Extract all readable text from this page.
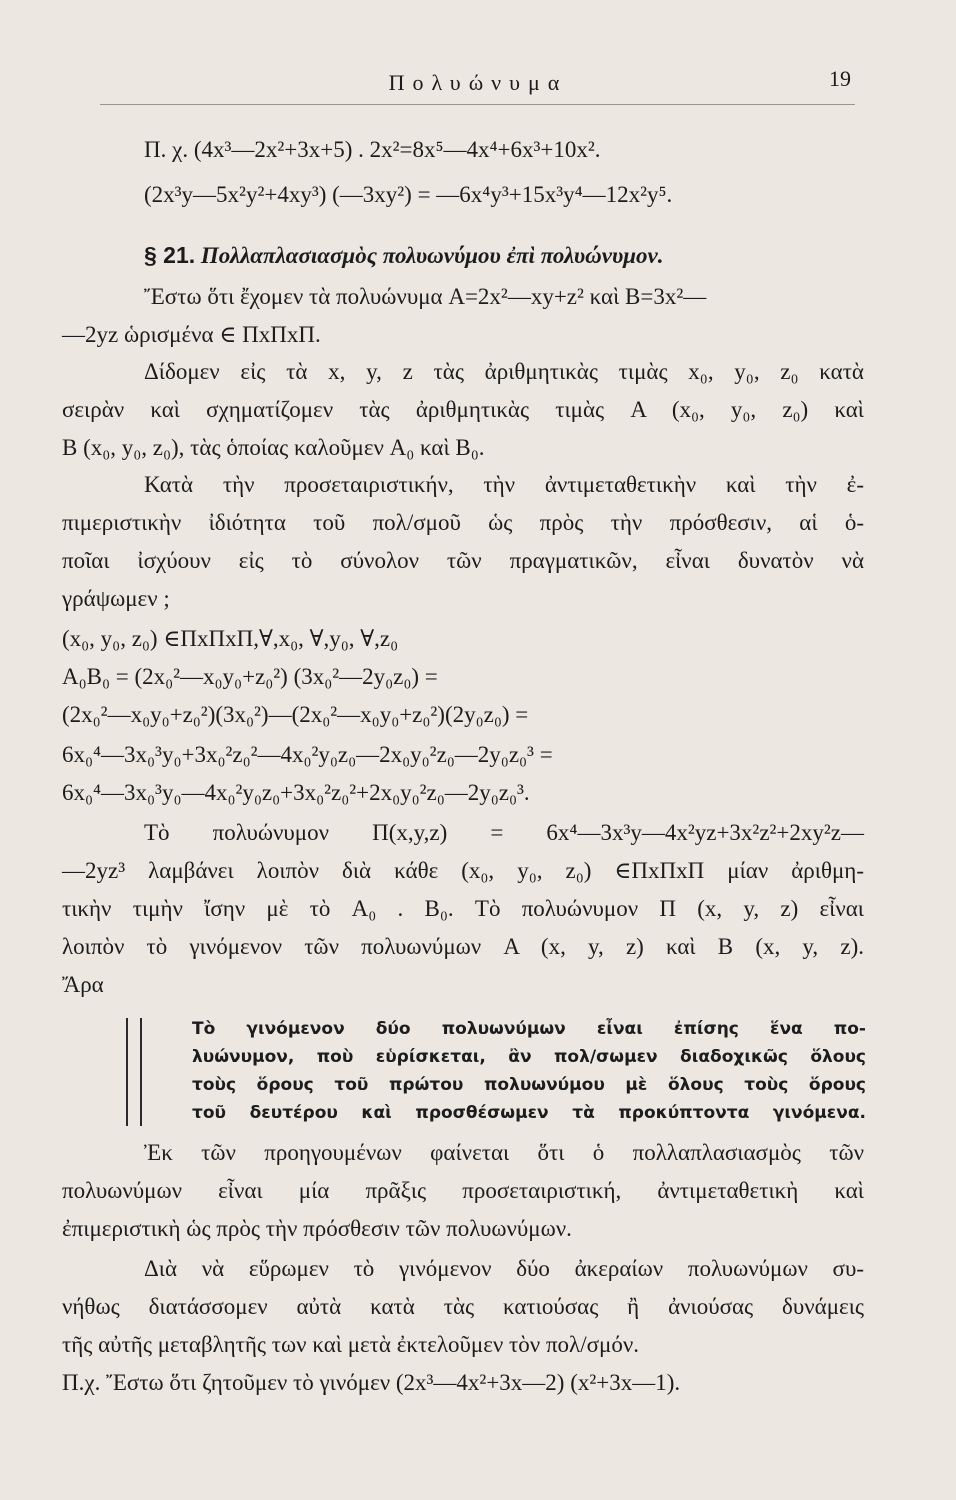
Πολυώνυμα	19
Π. χ. (4x³—2x²+3x+5) . 2x²=8x⁵—4x⁴+6x³+10x².
(2x³y—5x²y²+4xy³) (—3xy²) = —6x⁴y³+15x³y⁴—12x²y⁵.
§ 21. Πολλαπλασιασμὸς πολυωνύμου ἐπὶ πολυώνυμον.
Ἔστω ὅτι ἔχομεν τὰ πολυώνυμα A=2x²—xy+z² καὶ B=3x²—
—2yz ὡρισμένα ∈ ΠxΠxΠ.
Δίδομεν εἰς τὰ x, y, z τὰς ἀριθμητικὰς τιμὰς x₀, y₀, z₀ κατὰ
σειρὰν καὶ σχηματίζομεν τὰς ἀριθμητικὰς τιμὰς A (x₀, y₀, z₀) καὶ
B (x₀, y₀, z₀), τὰς ὁποίας καλοῦμεν A₀ καὶ B₀.
Κατὰ τὴν προσεταιριστικήν, τὴν ἀντιμεταθετικὴν καὶ τὴν ἐ-
πιμεριστικὴν ἰδιότητα τοῦ πολ/σμοῦ ὡς πρὸς τὴν πρόσθεσιν, αἱ ὁ-
ποῖαι ἰσχύουν εἰς τὸ σύνολον τῶν πραγματικῶν, εἶναι δυνατὸν νὰ
γράψωμεν ;
(x₀, y₀, z₀) ∈ΠxΠxΠ,∀,x₀, ∀,y₀, ∀,z₀
A₀B₀ = (2x₀²—x₀y₀+z₀²) (3x₀²—2y₀z₀) =
(2x₀²—x₀y₀+z₀²)(3x₀²)—(2x₀²—x₀y₀+z₀²)(2y₀z₀) =
6x₀⁴—3x₀³y₀+3x₀²z₀²—4x₀²y₀z₀—2x₀y₀²z₀—2y₀z₀³ =
6x₀⁴—3x₀³y₀—4x₀²y₀z₀+3x₀²z₀²+2x₀y₀²z₀—2y₀z₀³.
Τὸ πολυώνυμον Π(x,y,z) = 6x⁴—3x³y—4x²yz+3x²z²+2xy²z—
—2yz³ λαμβάνει λοιπὸν διὰ κάθε (x₀, y₀, z₀) ∈ΠxΠxΠ μίαν ἀριθμη-
τικὴν τιμὴν ἴσην μὲ τὸ A₀ . B₀. Τὸ πολυώνυμον Π (x, y, z) εἶναι
λοιπὸν τὸ γινόμενον τῶν πολυωνύμων A (x, y, z) καὶ B (x, y, z).
Ἄρα
Τὸ γινόμενον δύο πολυωνύμων εἶναι ἐπίσης ἕνα πο-
λυώνυμον, ποὺ εὑρίσκεται, ἂν πολ/σωμεν διαδοχικῶς ὅλους
τοὺς ὅρους τοῦ πρώτου πολυωνύμου μὲ ὅλους τοὺς ὅρους
τοῦ δευτέρου καὶ προσθέσωμεν τὰ προκύπτοντα γινόμενα.
Ἐκ τῶν προηγουμένων φαίνεται ὅτι ὁ πολλαπλασιασμὸς τῶν
πολυωνύμων εἶναι μία πρᾶξις προσεταιριστική, ἀντιμεταθετικὴ καὶ
ἐπιμεριστικὴ ὡς πρὸς τὴν πρόσθεσιν τῶν πολυωνύμων.
Διὰ νὰ εὕρωμεν τὸ γινόμενον δύο ἀκεραίων πολυωνύμων συ-
νήθως διατάσσομεν αὐτὰ κατὰ τὰς κατιούσας ἢ ἀνιούσας δυνάμεις
τῆς αὐτῆς μεταβλητῆς των καὶ μετὰ ἐκτελοῦμεν τὸν πολ/σμόν.
Π.χ. Ἔστω ὅτι ζητοῦμεν τὸ γινόμεν (2x³—4x²+3x—2) (x²+3x—1).
